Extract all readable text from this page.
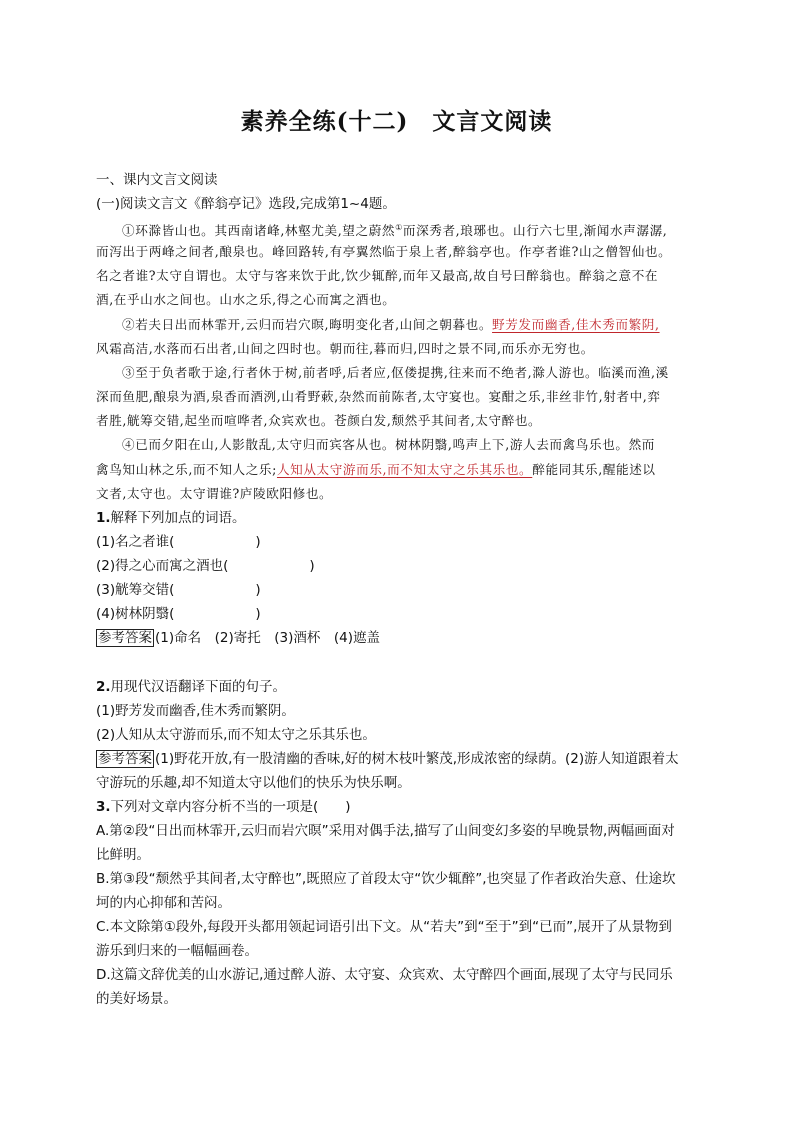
素养全练(十二)　文言文阅读
一、课内文言文阅读
(一)阅读文言文《醉翁亭记》选段,完成第1~4题。
①环滁皆山也。其西南诸峰,林壑尤美,望之蔚然①而深秀者,琅琊也。山行六七里,渐闻水声潺潺,
而泻出于两峰之间者,酿泉也。峰回路转,有亭翼然临于泉上者,醉翁亭也。作亭者谁?山之僧智仙也。
名之者谁?太守自谓也。太守与客来饮于此,饮少辄醉,而年又最高,故自号曰醉翁也。醉翁之意不在
酒,在乎山水之间也。山水之乐,得之心而寓之酒也。
②若夫日出而林霏开,云归而岩穴暝,晦明变化者,山间之朝暮也。野芳发而幽香,佳木秀而繁阴,
风霜高洁,水落而石出者,山间之四时也。朝而往,暮而归,四时之景不同,而乐亦无穷也。
③至于负者歌于途,行者休于树,前者呼,后者应,伛偻提携,往来而不绝者,滁人游也。临溪而渔,溪
深而鱼肥,酿泉为酒,泉香而酒洌,山肴野蔌,杂然而前陈者,太守宴也。宴酣之乐,非丝非竹,射者中,弈
者胜,觥筹交错,起坐而喧哗者,众宾欢也。苍颜白发,颓然乎其间者,太守醉也。
④已而夕阳在山,人影散乱,太守归而宾客从也。树林阴翳,鸣声上下,游人去而禽鸟乐也。然而
禽鸟知山林之乐,而不知人之乐;人知从太守游而乐,而不知太守之乐其乐也。醉能同其乐,醒能述以
文者,太守也。太守谓谁?庐陵欧阳修也。
1.解释下列加点的词语。
(1)名之者谁(　　　　　　)
(2)得之心而寓之酒也(　　　　　　)
(3)觥筹交错(　　　　　　)
(4)树林阴翳(　　　　　　)
参考答案 (1)命名　(2)寄托　(3)酒杯　(4)遮盖
2.用现代汉语翻译下面的句子。
(1)野芳发而幽香,佳木秀而繁阴。
(2)人知从太守游而乐,而不知太守之乐其乐也。
参考答案 (1)野花开放,有一股清幽的香味,好的树木枝叶繁茂,形成浓密的绿荫。(2)游人知道跟着太
守游玩的乐趣,却不知道太守以他们的快乐为快乐啊。
3.下列对文章内容分析不当的一项是(　　)
A.第②段“日出而林霏开,云归而岩穴暝”采用对偶手法,描写了山间变幻多姿的早晚景物,两幅画面对
比鲜明。
B.第③段“颓然乎其间者,太守醉也”,既照应了首段太守“饮少辄醉”,也突显了作者政治失意、仕途坎
坷的内心抑郁和苦闷。
C.本文除第①段外,每段开头都用领起词语引出下文。从“若夫”到“至于”到“已而”,展开了从景物到
游乐到归来的一幅幅画卷。
D.这篇文辞优美的山水游记,通过醉人游、太守宴、众宾欢、太守醉四个画面,展现了太守与民同乐
的美好场景。
